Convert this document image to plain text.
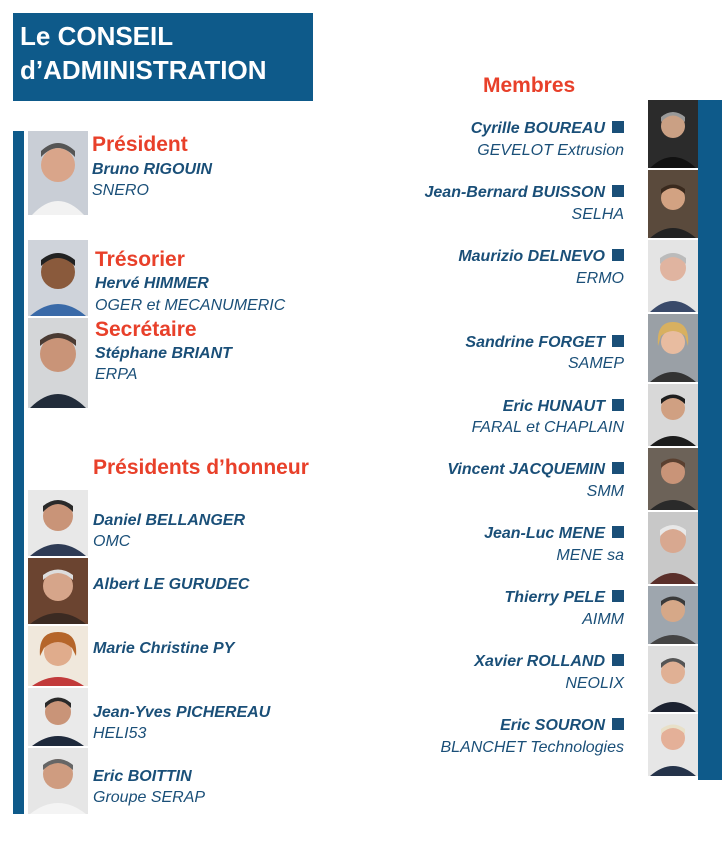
Le CONSEIL
d’ADMINISTRATION
Président
Bruno RIGOUIN
SNERO
Trésorier
Hervé HIMMER
OGER et MECANUMERIC
Secrétaire
Stéphane BRIANT
ERPA
Présidents d’honneur
Daniel BELLANGER
OMC
Albert LE GURUDEC
Marie Christine PY
Jean-Yves PICHEREAU
HELI53
Eric BOITTIN
Groupe SERAP
Membres
Cyrille BOUREAU
GEVELOT Extrusion
Jean-Bernard BUISSON
SELHA
Maurizio DELNEVO
ERMO
Sandrine FORGET
SAMEP
Eric HUNAUT
FARAL et CHAPLAIN
Vincent JACQUEMIN
SMM
Jean-Luc MENE
MENE sa
Thierry PELE
AIMM
Xavier ROLLAND
NEOLIX
Eric SOURON
BLANCHET Technologies
